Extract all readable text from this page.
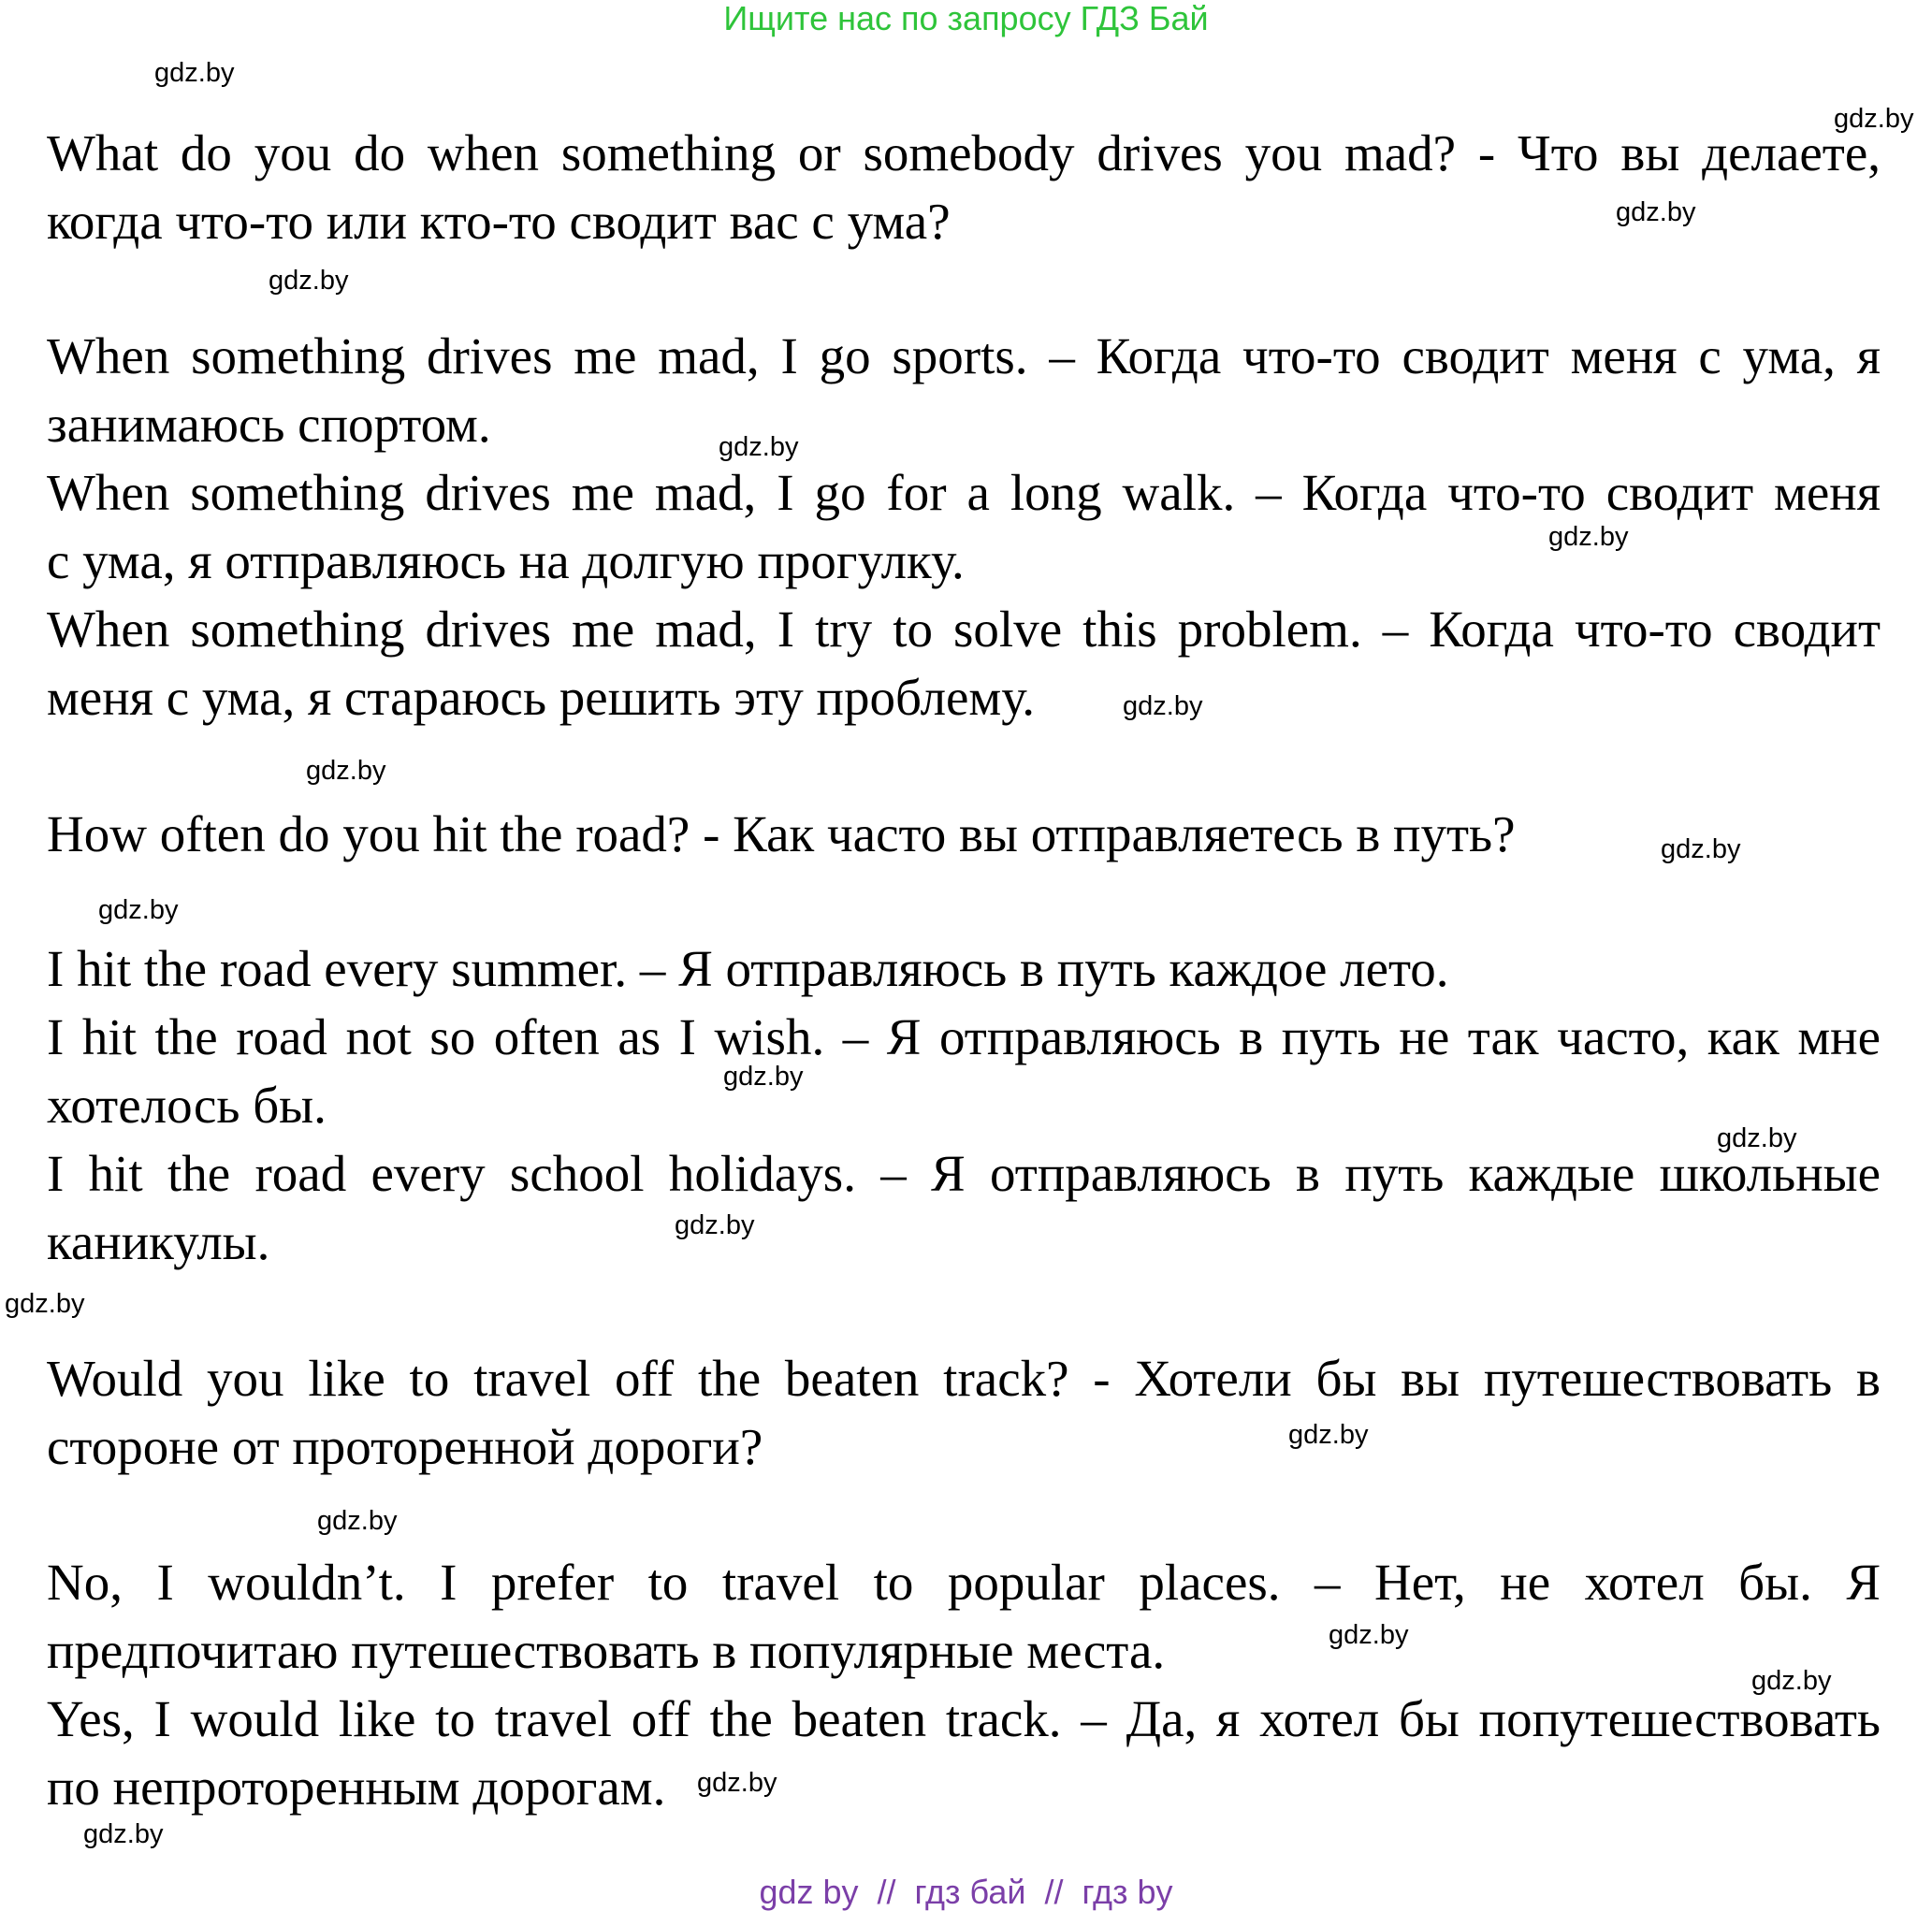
Ищите нас по запросу ГДЗ Бай

What do you do when something or somebody drives you mad? - Что вы делаете,

когда что-то или кто-то сводит вас с ума?

When something drives me mad, I go sports. – Когда что-то сводит меня с ума, я

занимаюсь спортом.

When something drives me mad, I go for a long walk. – Когда что-то сводит меня

с ума, я отправляюсь на долгую прогулку.

When something drives me mad, I try to solve this problem. – Когда что-то сводит

меня с ума, я стараюсь решить эту проблему.

How often do you hit the road? - Как часто вы отправляетесь в путь?

I hit the road every summer. – Я отправляюсь в путь каждое лето.

I hit the road not so often as I wish. – Я отправляюсь в путь не так часто, как мне

хотелось бы.

I hit the road every school holidays. – Я отправляюсь в путь каждые школьные

каникулы.

Would you like to travel off the beaten track? - Хотели бы вы путешествовать в

стороне от проторенной дороги?

No, I wouldn’t. I prefer to travel to popular places. – Нет, не хотел бы. Я

предпочитаю путешествовать в популярные места.

Yes, I would like to travel off the beaten track. – Да, я хотел бы попутешествовать

по непроторенным дорогам.

gdz.by
gdz.by
gdz.by
gdz.by
gdz.by
gdz.by
gdz.by
gdz.by
gdz.by
gdz.by
gdz.by
gdz.by
gdz.by
gdz.by
gdz.by
gdz.by
gdz.by
gdz.by
gdz.by
gdz.by
gdz by  //  гдз бай  //  гдз by
